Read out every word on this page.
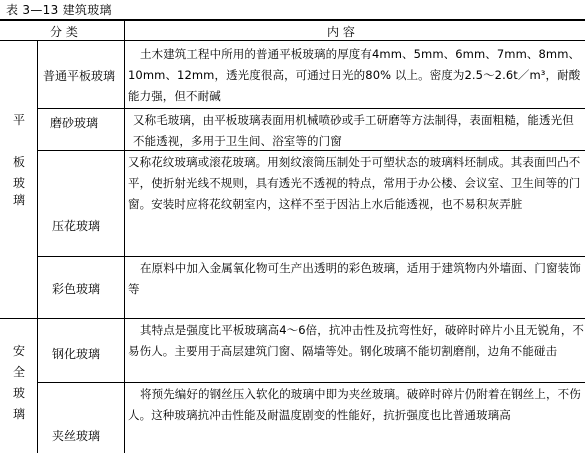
表 3—13 建筑玻璃
分 类	内 容
平
板
玻
璃
安
全
玻
璃
普通平板玻璃
磨砂玻璃
压花玻璃
彩色玻璃
钢化玻璃
夹丝玻璃
土木建筑工程中所用的普通平板玻璃的厚度有4mm、5mm、6mm、7mm、8mm、10mm、12mm，透光度很高，可通过日光的80% 以上。密度为2.5～2.6t／m³，耐酸能力强，但不耐碱
又称毛玻璃，由平板玻璃表面用机械喷砂或手工研磨等方法制得，表面粗糙，能透光但不能透视，多用于卫生间、浴室等的门窗
又称花纹玻璃或滚花玻璃。用刻纹滚筒压制处于可塑状态的玻璃料坯制成。其表面凹凸不平，使折射光线不规则，具有透光不透视的特点，常用于办公楼、会议室、卫生间等的门窗。安装时应将花纹朝室内，这样不至于因沾上水后能透视，也不易积灰弄脏
在原料中加入金属氧化物可生产出透明的彩色玻璃，适用于建筑物内外墙面、门窗装饰等
其特点是强度比平板玻璃高4～6倍，抗冲击性及抗弯性好，破碎时碎片小且无锐角，不易伤人。主要用于高层建筑门窗、隔墙等处。钢化玻璃不能切割磨削，边角不能碰击
将预先编好的钢丝压入软化的玻璃中即为夹丝玻璃。破碎时碎片仍附着在钢丝上，不伤人。这种玻璃抗冲击性能及耐温度剧变的性能好，抗折强度也比普通玻璃高
